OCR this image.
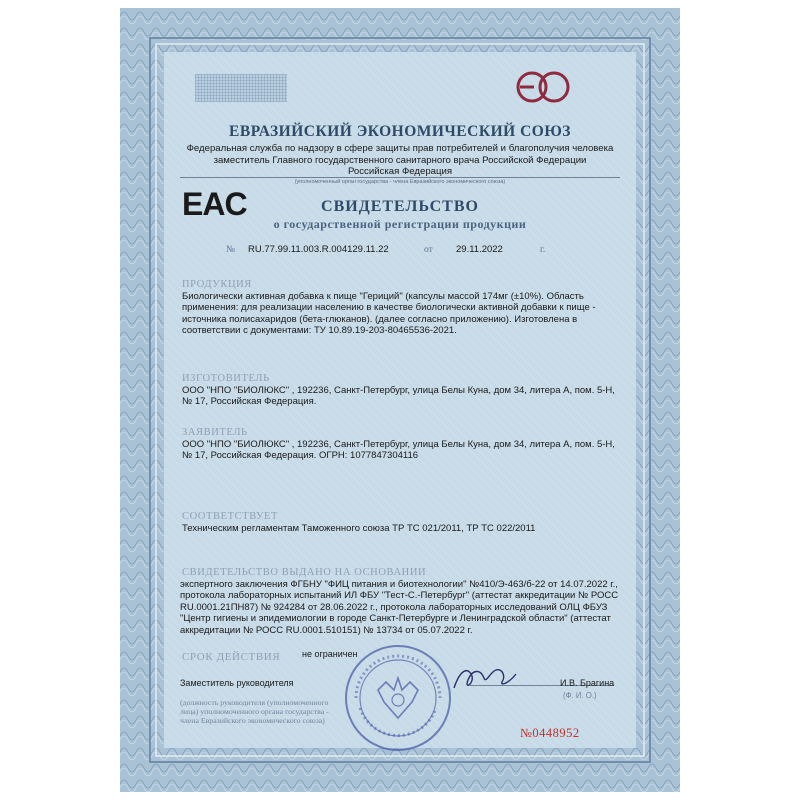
ЕВРАЗИЙСКИЙ ЭКОНОМИЧЕСКИЙ СОЮЗ
Федеральная служба по надзору в сфере защиты прав потребителей и благополучия человека
заместитель Главного государственного санитарного врача Российской Федерации
Российская Федерация
(уполномоченный орган государства - члена Евразийского экономического союза)
EAC	СВИДЕТЕЛЬСТВО
о государственной регистрации продукции
№ RU.77.99.11.003.R.004129.11.22	от 29.11.2022	г.
ПРОДУКЦИЯ
Биологически активная добавка к пище "Гериций" (капсулы массой 174мг (±10%). Область
применения: для реализации населению в качестве биологически активной добавки к пище -
источника полисахаридов (бета-глюканов). (далее согласно приложению). Изготовлена в
соответствии с документами: ТУ 10.89.19-203-80465536-2021.
ИЗГОТОВИТЕЛЬ
ООО "НПО "БИОЛЮКС" , 192236, Санкт-Петербург, улица Белы Куна, дом 34, литера А, пом. 5-Н,
№ 17, Российская Федерация.
ЗАЯВИТЕЛЬ
ООО "НПО "БИОЛЮКС" , 192236, Санкт-Петербург, улица Белы Куна, дом 34, литера А, пом. 5-Н,
№ 17, Российская Федерация. ОГРН: 1077847304116
СООТВЕТСТВУЕТ
Техническим регламентам Таможенного союза ТР ТС 021/2011, ТР ТС 022/2011
СВИДЕТЕЛЬСТВО ВЫДАНО НА ОСНОВАНИИ
экспертного заключения ФГБНУ "ФИЦ питания и биотехнологии" №410/Э-463/б-22 от 14.07.2022 г.,
протокола лабораторных испытаний ИЛ ФБУ "Тест-С.-Петербург" (аттестат аккредитации № РОСС
RU.0001.21ПН87) № 924284 от 28.06.2022 г., протокола лабораторных исследований ОЛЦ ФБУЗ
"Центр гигиены и эпидемиологии в городе Санкт-Петербурге и Ленинградской области" (аттестат
аккредитации № РОСС RU.0001.510151) № 13734 от 05.07.2022 г.
СРОК ДЕЙСТВИЯ не ограничен
Заместитель руководителя	И.В. Брагина
(Ф. И. О.)
(должность руководителя (уполномоченного
лица) уполномоченного органа государства -
члена Евразийского экономического союза)
№0448952
